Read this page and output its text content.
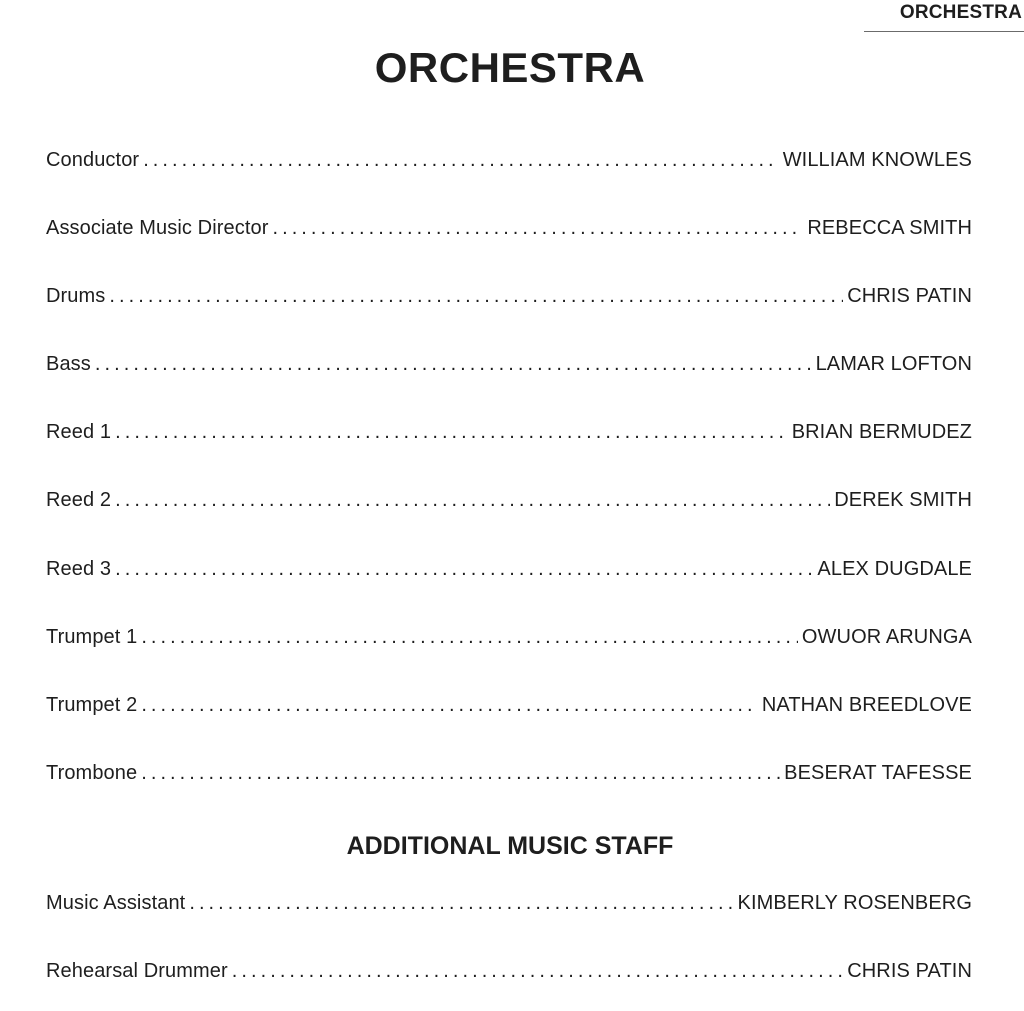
ORCHESTRA
ORCHESTRA
Conductor . . .	WILLIAM KNOWLES
Associate Music Director . . .	REBECCA SMITH
Drums . . .	CHRIS PATIN
Bass . . .	LAMAR LOFTON
Reed 1 . . .	BRIAN BERMUDEZ
Reed 2 . . .	DEREK SMITH
Reed 3 . . .	ALEX DUGDALE
Trumpet 1 . . .	OWUOR ARUNGA
Trumpet 2 . . .	NATHAN BREEDLOVE
Trombone . . .	BESERAT TAFESSE
ADDITIONAL MUSIC STAFF
Music Assistant . . .	KIMBERLY ROSENBERG
Rehearsal Drummer . . .	CHRIS PATIN
